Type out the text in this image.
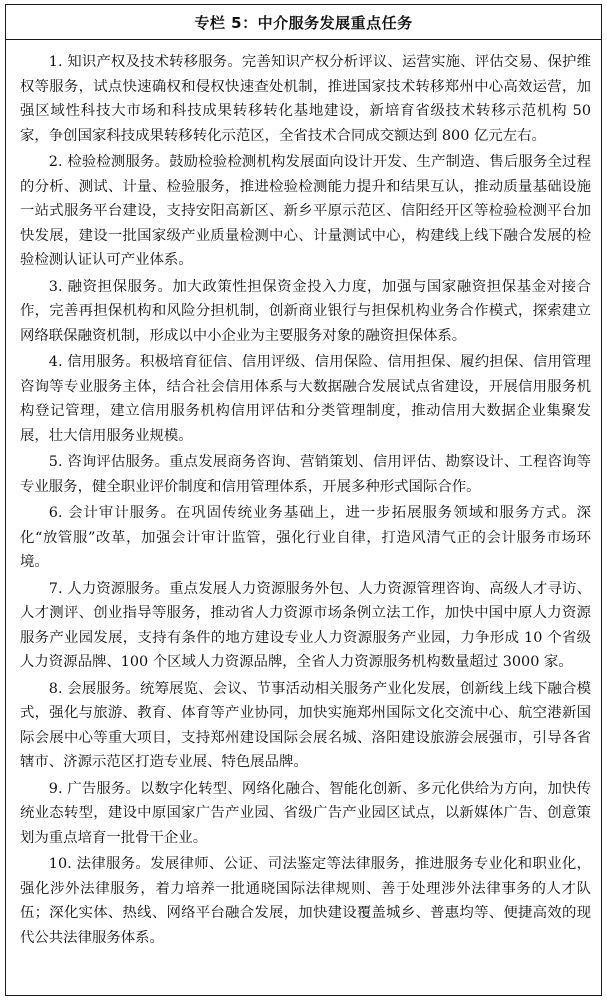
专栏 5：中介服务发展重点任务

1. 知识产权及技术转移服务。完善知识产权分析评议、运营实施、评估交易、保护维权等服务，试点快速确权和侵权快速查处机制，推进国家技术转移郑州中心高效运营，加强区域性科技大市场和科技成果转移转化基地建设，新培育省级技术转移示范机构 50 家，争创国家科技成果转移转化示范区，全省技术合同成交额达到 800 亿元左右。

2. 检验检测服务。鼓励检验检测机构发展面向设计开发、生产制造、售后服务全过程的分析、测试、计量、检验服务，推进检验检测能力提升和结果互认，推动质量基础设施一站式服务平台建设，支持安阳高新区、新乡平原示范区、信阳经开区等检验检测平台加快发展，建设一批国家级产业质量检测中心、计量测试中心，构建线上线下融合发展的检验检测认证认可产业体系。

3. 融资担保服务。加大政策性担保资金投入力度，加强与国家融资担保基金对接合作，完善再担保机构和风险分担机制，创新商业银行与担保机构业务合作模式，探索建立网络联保融资机制，形成以中小企业为主要服务对象的融资担保体系。

4. 信用服务。积极培育征信、信用评级、信用保险、信用担保、履约担保、信用管理咨询等专业服务主体，结合社会信用体系与大数据融合发展试点省建设，开展信用服务机构登记管理，建立信用服务机构信用评估和分类管理制度，推动信用大数据企业集聚发展，壮大信用服务业规模。

5. 咨询评估服务。重点发展商务咨询、营销策划、信用评估、勘察设计、工程咨询等专业服务，健全职业评价制度和信用管理体系，开展多种形式国际合作。

6. 会计审计服务。在巩固传统业务基础上，进一步拓展服务领域和服务方式。深化“放管服”改革，加强会计审计监管，强化行业自律，打造风清气正的会计服务市场环境。

7. 人力资源服务。重点发展人力资源服务外包、人力资源管理咨询、高级人才寻访、人才测评、创业指导等服务，推动省人力资源市场条例立法工作，加快中国中原人力资源服务产业园发展，支持有条件的地方建设专业人力资源服务产业园，力争形成 10 个省级人力资源品牌、100 个区域人力资源品牌，全省人力资源服务机构数量超过 3000 家。

8. 会展服务。统筹展览、会议、节事活动相关服务产业化发展，创新线上线下融合模式，强化与旅游、教育、体育等产业协同，加快实施郑州国际文化交流中心、航空港新国际会展中心等重大项目，支持郑州建设国际会展名城、洛阳建设旅游会展强市，引导各省辖市、济源示范区打造专业展、特色展品牌。

9. 广告服务。以数字化转型、网络化融合、智能化创新、多元化供给为方向，加快传统业态转型，建设中原国家广告产业园、省级广告产业园区试点，以新媒体广告、创意策划为重点培育一批骨干企业。

10. 法律服务。发展律师、公证、司法鉴定等法律服务，推进服务专业化和职业化，强化涉外法律服务，着力培养一批通晓国际法律规则、善于处理涉外法律事务的人才队伍；深化实体、热线、网络平台融合发展，加快建设覆盖城乡、普惠均等、便捷高效的现代公共法律服务体系。
